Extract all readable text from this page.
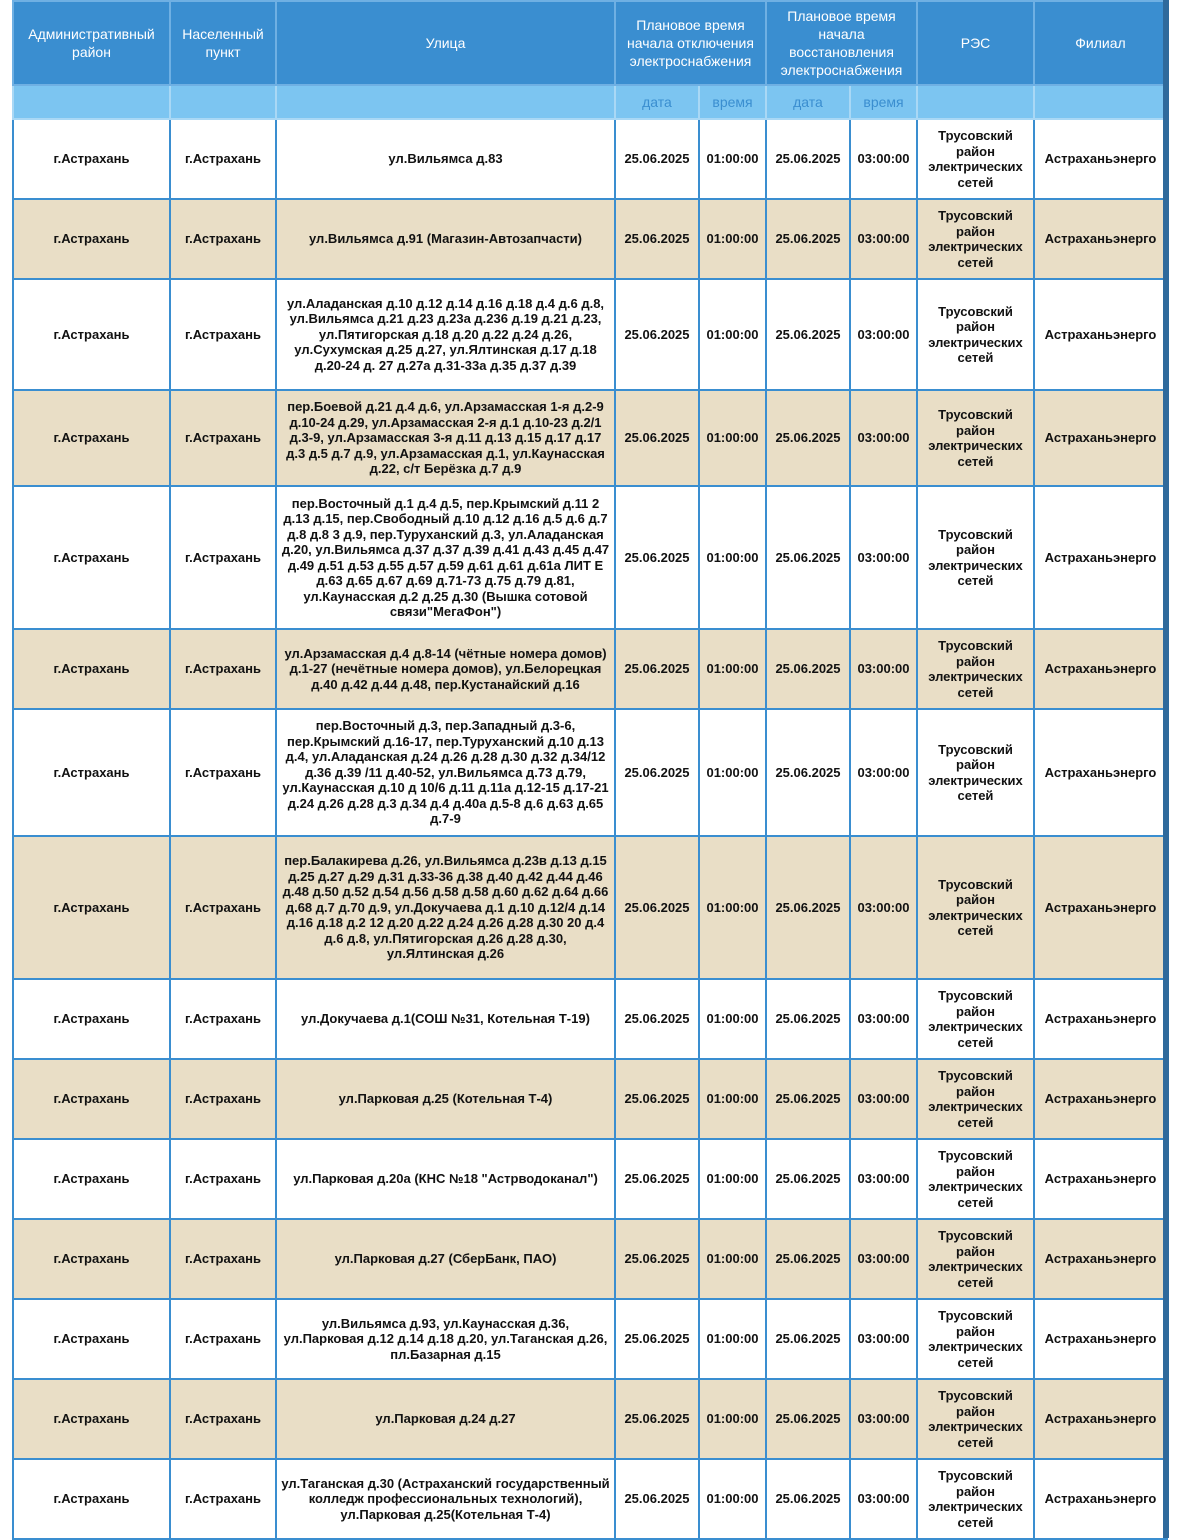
Административный район	Населенный пункт	Улица	Плановое время начала отключения электроснабжения		Плановое время начала восстановления электроснабжения		РЭС	Филиал
			дата	время	дата	время		
г.Астрахань	г.Астрахань	ул.Вильямса д.83	25.06.2025	01:00:00	25.06.2025	03:00:00	Трусовский район электрических сетей	Астраханьэнерго
г.Астрахань	г.Астрахань	ул.Вильямса д.91 (Магазин-Автозапчасти)	25.06.2025	01:00:00	25.06.2025	03:00:00	Трусовский район электрических сетей	Астраханьэнерго
г.Астрахань	г.Астрахань	ул.Аладанская д.10 д.12 д.14 д.16 д.18 д.4 д.6 д.8, ул.Вильямса д.21 д.23 д.23а д.236 д.19 д.21 д.23, ул.Пятигорская д.18 д.20 д.22 д.24 д.26, ул.Сухумская д.25 д.27, ул.Ялтинская д.17 д.18 д.20-24 д. 27 д.27а д.31-33а д.35 д.37 д.39	25.06.2025	01:00:00	25.06.2025	03:00:00	Трусовский район электрических сетей	Астраханьэнерго
г.Астрахань	г.Астрахань	пер.Боевой д.21 д.4 д.6, ул.Арзамасская 1-я д.2-9 д.10-24 д.29, ул.Арзамасская 2-я д.1 д.10-23 д.2/1 д.3-9, ул.Арзамасская 3-я д.11 д.13 д.15 д.17 д.17 д.3 д.5 д.7 д.9, ул.Арзамасская д.1, ул.Каунасская д.22, с/т Берёзка д.7 д.9	25.06.2025	01:00:00	25.06.2025	03:00:00	Трусовский район электрических сетей	Астраханьэнерго
г.Астрахань	г.Астрахань	пер.Восточный д.1 д.4 д.5, пер.Крымский д.11 2 д.13 д.15, пер.Свободный д.10 д.12 д.16 д.5 д.6 д.7 д.8 д.8 3 д.9, пер.Туруханский д.3, ул.Аладанская д.20, ул.Вильямса д.37 д.37 д.39 д.41 д.43 д.45 д.47 д.49 д.51 д.53 д.55 д.57 д.59 д.61 д.61 д.61а ЛИТ Е д.63 д.65 д.67 д.69 д.71-73 д.75 д.79 д.81, ул.Каунасская д.2 д.25 д.30 (Вышка сотовой связи"МегаФон")	25.06.2025	01:00:00	25.06.2025	03:00:00	Трусовский район электрических сетей	Астраханьэнерго
г.Астрахань	г.Астрахань	ул.Арзамасская д.4 д.8-14 (чётные номера домов) д.1-27 (нечётные номера домов), ул.Белорецкая д.40 д.42 д.44 д.48, пер.Кустанайский д.16	25.06.2025	01:00:00	25.06.2025	03:00:00	Трусовский район электрических сетей	Астраханьэнерго
г.Астрахань	г.Астрахань	пер.Восточный д.3, пер.Западный д.3-6, пер.Крымский д.16-17, пер.Туруханский д.10 д.13 д.4, ул.Аладанская д.24 д.26 д.28 д.30 д.32 д.34/12 д.36 д.39 /11 д.40-52, ул.Вильямса д.73 д.79, ул.Каунасская д.10 д 10/6 д.11 д.11а д.12-15 д.17-21 д.24 д.26 д.28 д.3 д.34 д.4 д.40а д.5-8 д.6 д.63 д.65 д.7-9	25.06.2025	01:00:00	25.06.2025	03:00:00	Трусовский район электрических сетей	Астраханьэнерго
г.Астрахань	г.Астрахань	пер.Балакирева д.26, ул.Вильямса д.23в д.13 д.15 д.25 д.27 д.29 д.31 д.33-36 д.38 д.40 д.42 д.44 д.46 д.48 д.50 д.52 д.54 д.56 д.58 д.58 д.60 д.62 д.64 д.66 д.68 д.7 д.70 д.9, ул.Докучаева д.1 д.10 д.12/4 д.14 д.16 д.18 д.2 12 д.20 д.22 д.24 д.26 д.28 д.30 20 д.4 д.6 д.8, ул.Пятигорская д.26 д.28 д.30, ул.Ялтинская д.26	25.06.2025	01:00:00	25.06.2025	03:00:00	Трусовский район электрических сетей	Астраханьэнерго
г.Астрахань	г.Астрахань	ул.Докучаева д.1(СОШ №31, Котельная Т-19)	25.06.2025	01:00:00	25.06.2025	03:00:00	Трусовский район электрических сетей	Астраханьэнерго
г.Астрахань	г.Астрахань	ул.Парковая д.25 (Котельная Т-4)	25.06.2025	01:00:00	25.06.2025	03:00:00	Трусовский район электрических сетей	Астраханьэнерго
г.Астрахань	г.Астрахань	ул.Парковая д.20а (КНС №18 "Астрводоканал")	25.06.2025	01:00:00	25.06.2025	03:00:00	Трусовский район электрических сетей	Астраханьэнерго
г.Астрахань	г.Астрахань	ул.Парковая д.27 (СберБанк, ПАО)	25.06.2025	01:00:00	25.06.2025	03:00:00	Трусовский район электрических сетей	Астраханьэнерго
г.Астрахань	г.Астрахань	ул.Вильямса д.93, ул.Каунасская д.36, ул.Парковая д.12 д.14 д.18 д.20, ул.Таганская д.26, пл.Базарная д.15	25.06.2025	01:00:00	25.06.2025	03:00:00	Трусовский район электрических сетей	Астраханьэнерго
г.Астрахань	г.Астрахань	ул.Парковая д.24 д.27	25.06.2025	01:00:00	25.06.2025	03:00:00	Трусовский район электрических сетей	Астраханьэнерго
г.Астрахань	г.Астрахань	ул.Таганская д.30 (Астраханский государственный колледж профессиональных технологий), ул.Парковая д.25(Котельная Т-4)	25.06.2025	01:00:00	25.06.2025	03:00:00	Трусовский район электрических сетей	Астраханьэнерго
